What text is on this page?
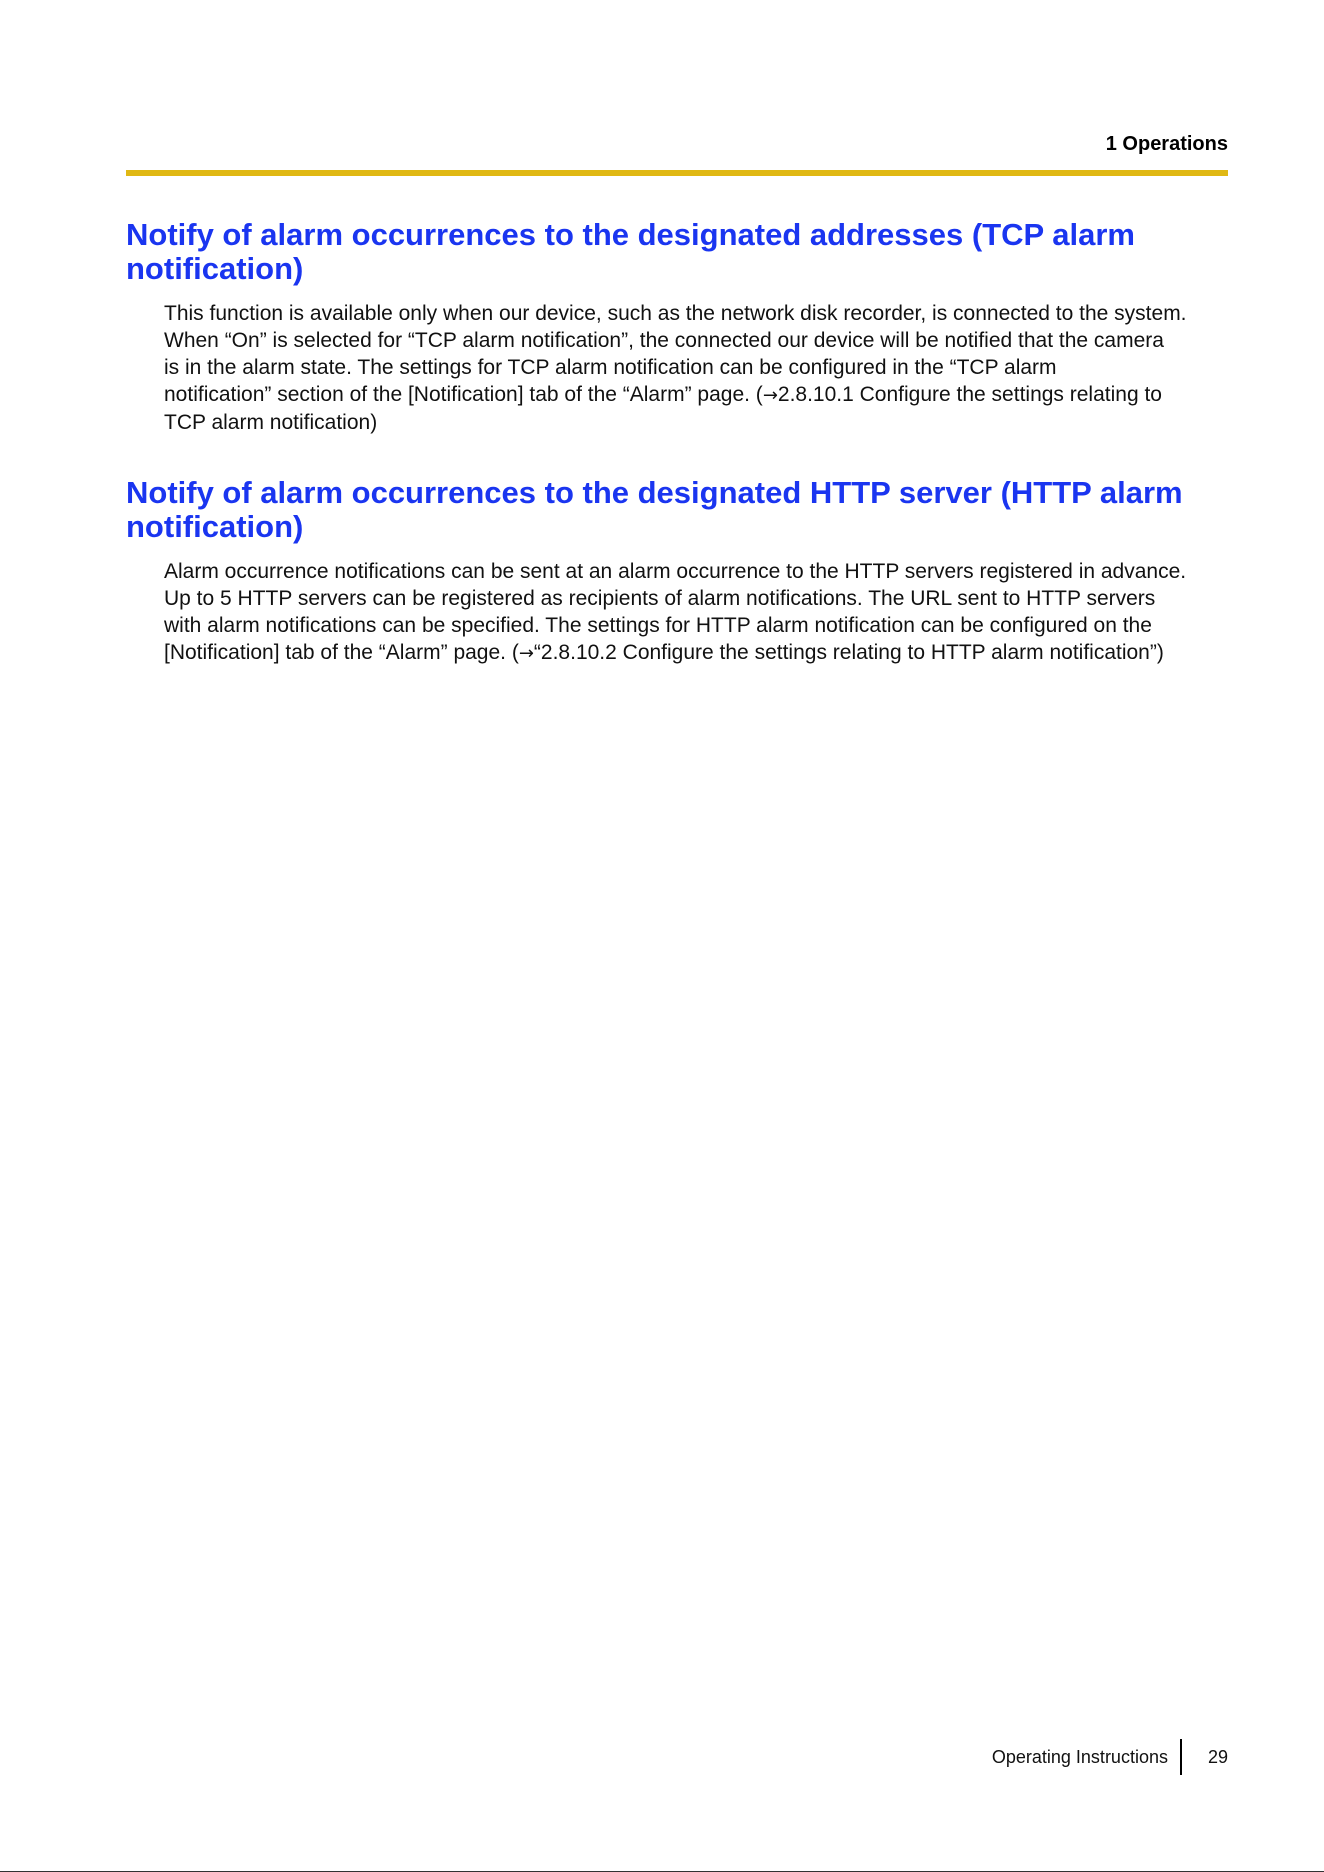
1 Operations
Notify of alarm occurrences to the designated addresses (TCP alarm
notification)
This function is available only when our device, such as the network disk recorder, is connected to the system.
When “On” is selected for “TCP alarm notification”, the connected our device will be notified that the camera
is in the alarm state. The settings for TCP alarm notification can be configured in the “TCP alarm
notification” section of the [Notification] tab of the “Alarm” page. (→2.8.10.1 Configure the settings relating to
TCP alarm notification)
Notify of alarm occurrences to the designated HTTP server (HTTP alarm
notification)
Alarm occurrence notifications can be sent at an alarm occurrence to the HTTP servers registered in advance.
Up to 5 HTTP servers can be registered as recipients of alarm notifications. The URL sent to HTTP servers
with alarm notifications can be specified. The settings for HTTP alarm notification can be configured on the
[Notification] tab of the “Alarm” page. (→“2.8.10.2 Configure the settings relating to HTTP alarm notification”)
Operating Instructions 29
